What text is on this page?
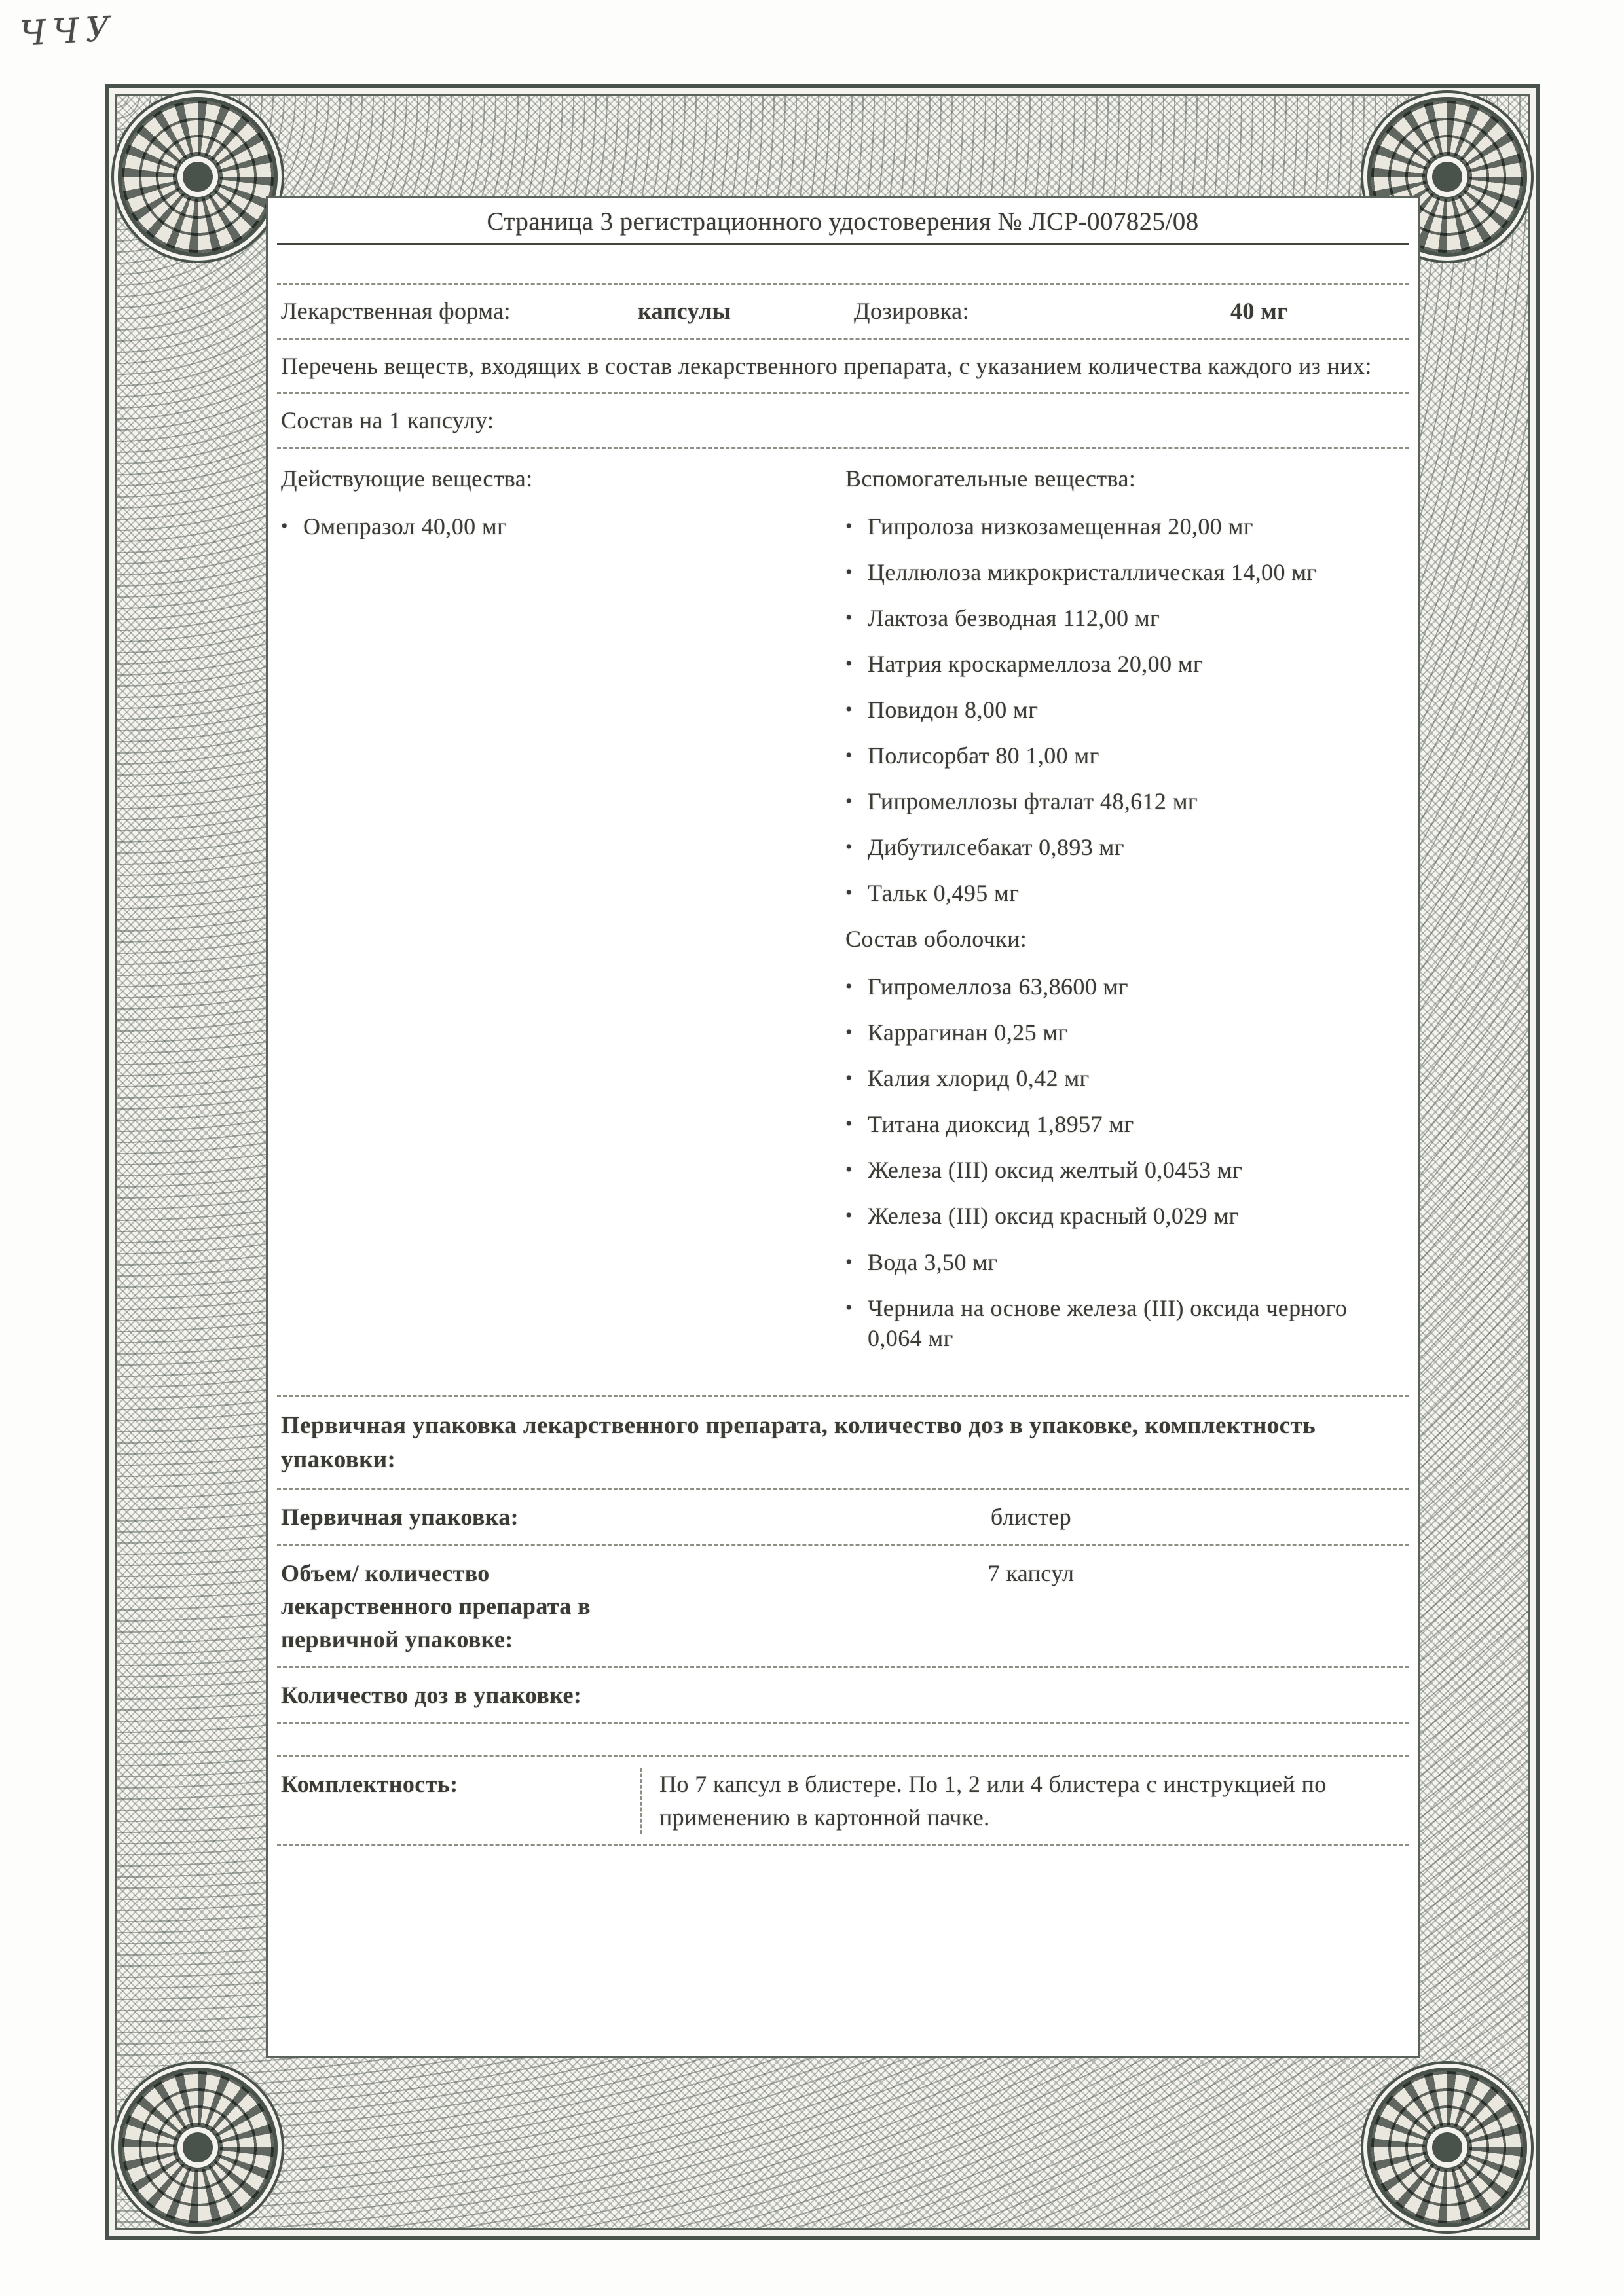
ЧЧУ
Страница 3 регистрационного удостоверения № ЛСР-007825/08
Лекарственная форма:	капсулы	Дозировка:	40 мг
Перечень веществ, входящих в состав лекарственного препарата, с указанием количества каждого из них:
Состав на 1 капсулу:
Действующие вещества:
• Омепразол 40,00 мг
Вспомогательные вещества:
• Гипролоза низкозамещенная 20,00 мг
• Целлюлоза микрокристаллическая 14,00 мг
• Лактоза безводная 112,00 мг
• Натрия кроскармеллоза 20,00 мг
• Повидон 8,00 мг
• Полисорбат 80 1,00 мг
• Гипромеллозы фталат 48,612 мг
• Дибутилсебакат 0,893 мг
• Тальк 0,495 мг
Состав оболочки:
• Гипромеллоза 63,8600 мг
• Каррагинан 0,25 мг
• Калия хлорид 0,42 мг
• Титана диоксид 1,8957 мг
• Железа (III) оксид желтый 0,0453 мг
• Железа (III) оксид красный 0,029 мг
• Вода 3,50 мг
• Чернила на основе железа (III) оксида черного 0,064 мг
Первичная упаковка лекарственного препарата, количество доз в упаковке, комплектность упаковки:
Первичная упаковка:	блистер
Объем/ количество лекарственного препарата в первичной упаковке:
7 капсул
Количество доз в упаковке:
Комплектность:	По 7 капсул в блистере. По 1, 2 или 4 блистера с инструкцией по применению в картонной пачке.
